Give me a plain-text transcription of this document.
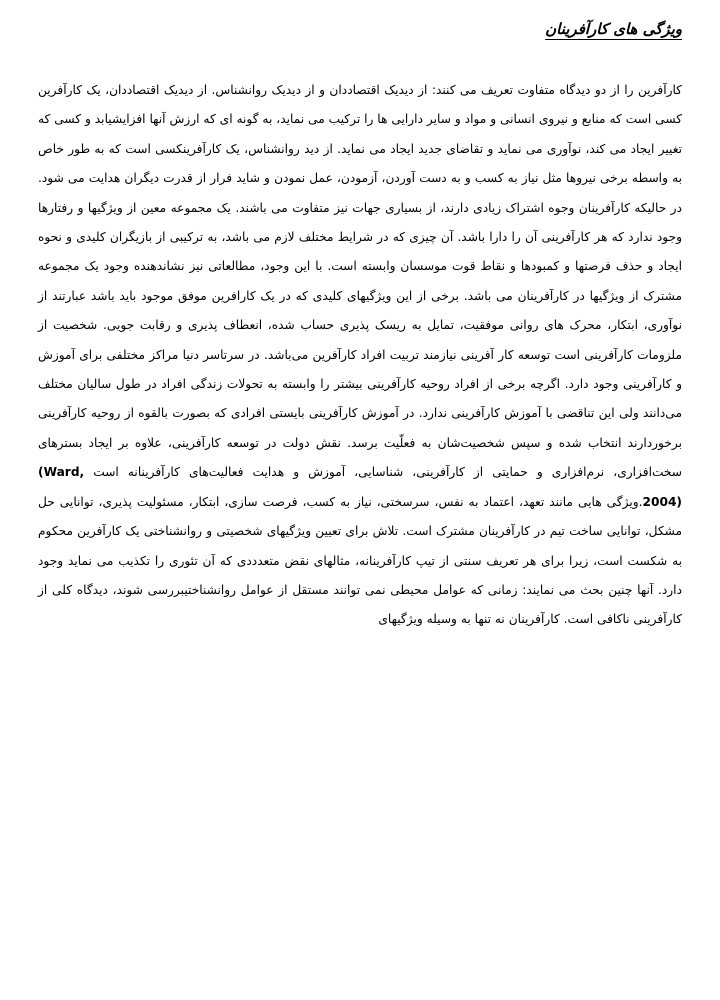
ویژگی های کارآفرینان

کارآفرین را از دو دیدگاه متفاوت تعریف می کنند: از دیدیک اقتصاددان و از دیدیک روانشناس. از دیدیک اقتصاددان، یک کارآفرین کسی است که منابع و نیروی انسانی و مواد و سایر دارایی ها را ترکیب می نماید، به گونه ای که ارزش آنها افزایشیابد و کسی که تغییر ایجاد می کند، نوآوری می نماید و تقاضای جدید ایجاد می نماید. از دید روانشناس، یک کارآفرینکسی است که به طور خاص به واسطه برخی نیروها مثل نیاز به کسب و به دست آوردن، آزمودن، عمل نمودن و شاید فرار از قدرت دیگران هدایت می شود. در حالیکه کارآفرینان وجوه اشتراک زیادی دارند، از بسیاری جهات نیز متفاوت می باشند. یک مجموعه معین از ویژگیها و رفتارها وجود ندارد که هر کارآفرینی آن را دارا باشد. آن چیزی که در شرایط مختلف لازم می باشد، به ترکیبی از بازیگران کلیدی و نحوه ایجاد و حذف فرصتها و کمبودها و نقاط قوت موسسان وابسته است. با این وجود، مطالعاتی نیز نشاندهنده وجود یک مجموعه مشترک از ویژگیها در کارآفرینان می باشد. برخی از این ویژگیهای کلیدی که در یک کارافرین موفق موجود باید باشد عبارتند از نوآوری، ابتکار، محرک های روانی موفقیت، تمایل به ریسک پذیری حساب شده، انعطاف پذیری و رقابت جویی. شخصیت از ملزومات کارآفرینی است توسعه کار آفرینی نیازمند تربیت افراد کارآفرین می‌باشد. در سرتاسر دنیا مراکز مختلفی برای آموزش و کارآفرینی وجود دارد. اگرچه برخی از افراد روحیه کارآفرینی بیشتر را وابسته به تحولات زندگی افراد در طول سالیان مختلف می‌دانند ولی این تناقضی با آموزش کارآفرینی ندارد. در آموزش کارآفرینی بایستی افرادی که بصورت بالقوه از روحیه کارآفرینی برخوردارند انتخاب شده و سپس شخصیت‌شان به فعلّیت برسد. نقش دولت در توسعه کارآفرینی، علاوه بر ایجاد بسترهای سخت‌افزاری، نرم‌افزاری و حمایتی از کارآفرینی، شناسایی، آموزش و هدایت فعالیت‌های کارآفرینانه است (Ward, 2004).ویژگی هایی مانند تعهد، اعتماد به نفس، سرسختی، نیاز به کسب، فرصت سازی، ابتکار، مسئولیت پذیری، توانایی حل مشکل، توانایی ساخت تیم در کارآفرینان مشترک است. تلاش برای تعیین ویژگیهای شخصیتی و روانشناختی یک کارآفرین محکوم به شکست است، زیرا برای هر تعریف سنتی از تیپ کارآفرینانه، مثالهای نقض متعدددی که آن تئوری را تکذیب می نماید وجود دارد. آنها چنین بحث می نمایند: زمانی که عوامل محیطی نمی توانند مستقل از عوامل روانشناختیبررسی شوند، دیدگاه کلی از کارآفرینی ناکافی است. کارآفرینان نه تنها به وسیله ویژگیهای
